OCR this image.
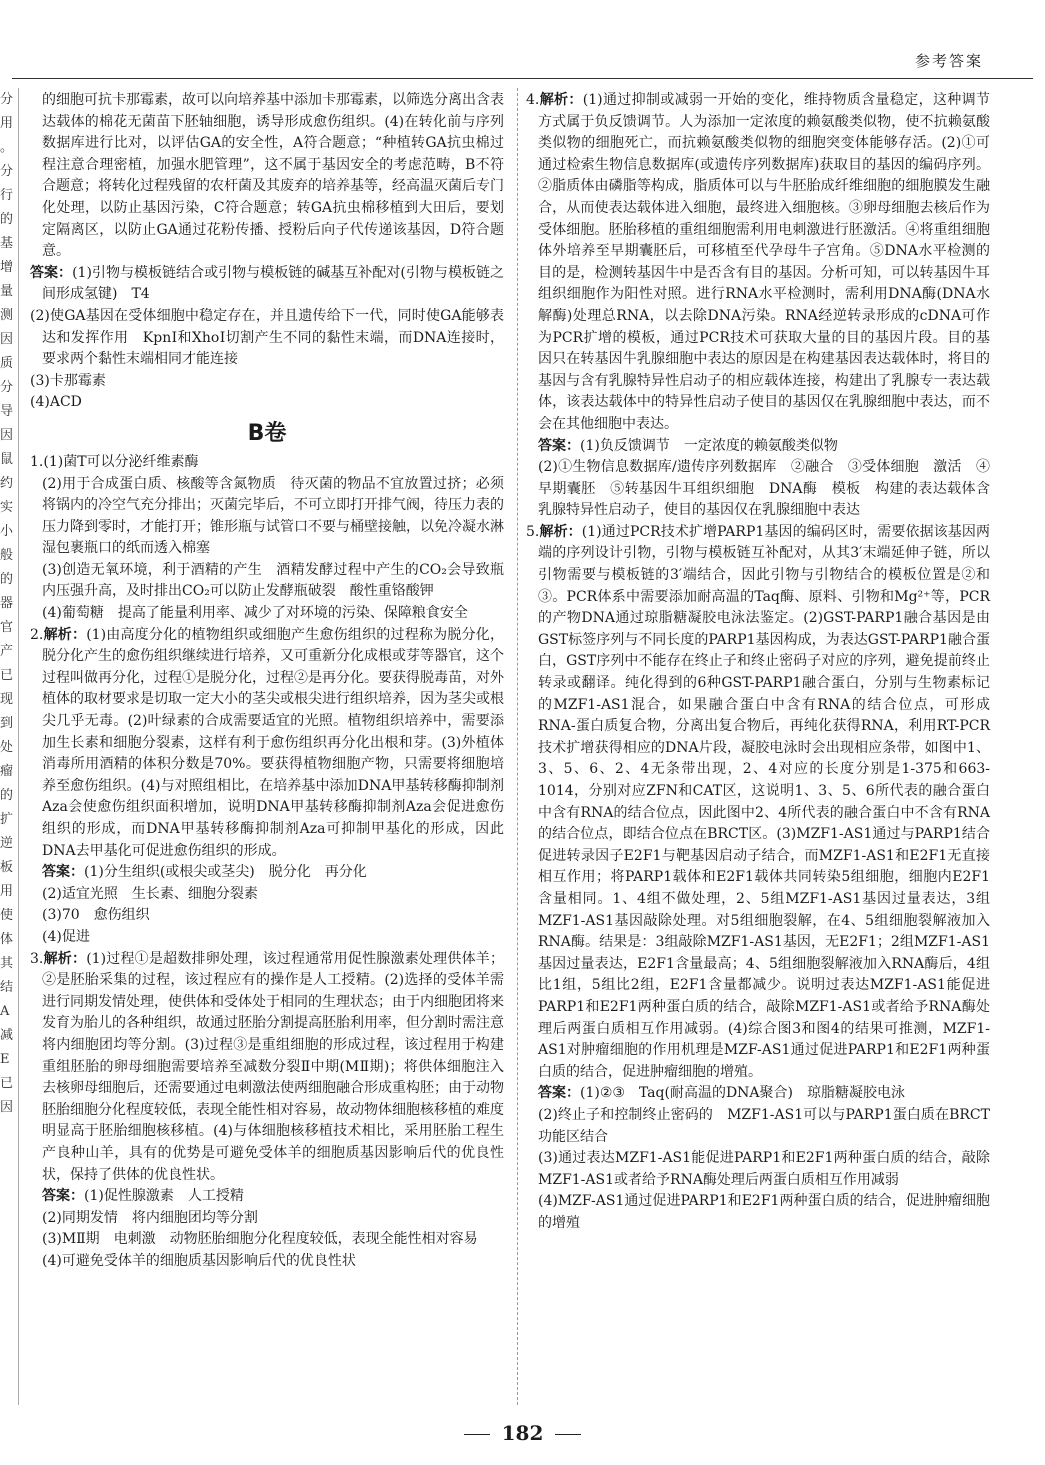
参考答案
分
用
。
分
行
的
基
增
量
测
因
质
分
导
因
鼠
约
实
小
般
的
器
官
产
已
现
到
处
瘤
的
扩
逆
板
用
使
体
其
结
A
减
E
已
因

的细胞可抗卡那霉素，故可以向培养基中添加卡那霉素，以筛选分离出含表达载体的棉花无菌苗下胚轴细胞，诱导形成愈伤组织。(4)在转化前与序列数据库进行比对，以评估GA的安全性，A符合题意；“种植转GA抗虫棉过程注意合理密植，加强水肥管理”，这不属于基因安全的考虑范畴，B不符合题意；将转化过程残留的农杆菌及其废弃的培养基等，经高温灭菌后专门化处理，以防止基因污染，C符合题意；转GA抗虫棉移植到大田后，要划定隔离区，以防止GA通过花粉传播、授粉后向子代传递该基因，D符合题意。

答案：(1)引物与模板链结合或引物与模板链的碱基互补配对(引物与模板链之间形成氢键)　T4

(2)使GA基因在受体细胞中稳定存在，并且遗传给下一代，同时使GA能够表达和发挥作用　KpnⅠ和XhoⅠ切割产生不同的黏性末端，而DNA连接时，要求两个黏性末端相同才能连接

(3)卡那霉素

(4)ACD

B卷

1.(1)菌T可以分泌纤维素酶

(2)用于合成蛋白质、核酸等含氮物质　待灭菌的物品不宜放置过挤；必须将锅内的冷空气充分排出；灭菌完毕后，不可立即打开排气阀，待压力表的压力降到零时，才能打开；锥形瓶与试管口不要与桶壁接触，以免冷凝水淋湿包裹瓶口的纸而透入棉塞

(3)创造无氧环境，利于酒精的产生　酒精发酵过程中产生的CO₂会导致瓶内压强升高，及时排出CO₂可以防止发酵瓶破裂　酸性重铬酸钾

(4)葡萄糖　提高了能量利用率、减少了对环境的污染、保障粮食安全

2.解析：(1)由高度分化的植物组织或细胞产生愈伤组织的过程称为脱分化，脱分化产生的愈伤组织继续进行培养，又可重新分化成根或芽等器官，这个过程叫做再分化，过程①是脱分化，过程②是再分化。要获得脱毒苗，对外植体的取材要求是切取一定大小的茎尖或根尖进行组织培养，因为茎尖或根尖几乎无毒。(2)叶绿素的合成需要适宜的光照。植物组织培养中，需要添加生长素和细胞分裂素，这样有利于愈伤组织再分化出根和芽。(3)外植体消毒所用酒精的体积分数是70%。要获得植物细胞产物，只需要将细胞培养至愈伤组织。(4)与对照组相比，在培养基中添加DNA甲基转移酶抑制剂Aza会使愈伤组织面积增加，说明DNA甲基转移酶抑制剂Aza会促进愈伤组织的形成，而DNA甲基转移酶抑制剂Aza可抑制甲基化的形成，因此DNA去甲基化可促进愈伤组织的形成。

答案：(1)分生组织(或根尖或茎尖)　脱分化　再分化

(2)适宜光照　生长素、细胞分裂素

(3)70　愈伤组织

(4)促进

3.解析：(1)过程①是超数排卵处理，该过程通常用促性腺激素处理供体羊；②是胚胎采集的过程，该过程应有的操作是人工授精。(2)选择的受体羊需进行同期发情处理，使供体和受体处于相同的生理状态；由于内细胞团将来发育为胎儿的各种组织，故通过胚胎分割提高胚胎利用率，但分割时需注意将内细胞团均等分割。(3)过程③是重组细胞的形成过程，该过程用于构建重组胚胎的卵母细胞需要培养至减数分裂Ⅱ中期(MⅡ期)；将供体细胞注入去核卵母细胞后，还需要通过电刺激法使两细胞融合形成重构胚；由于动物胚胎细胞分化程度较低，表现全能性相对容易，故动物体细胞核移植的难度明显高于胚胎细胞核移植。(4)与体细胞核移植技术相比，采用胚胎工程生产良种山羊，具有的优势是可避免受体羊的细胞质基因影响后代的优良性状，保持了供体的优良性状。

答案：(1)促性腺激素　人工授精

(2)同期发情　将内细胞团均等分割

(3)MⅡ期　电刺激　动物胚胎细胞分化程度较低，表现全能性相对容易

(4)可避免受体羊的细胞质基因影响后代的优良性状

4.解析：(1)通过抑制或减弱一开始的变化，维持物质含量稳定，这种调节方式属于负反馈调节。人为添加一定浓度的赖氨酸类似物，使不抗赖氨酸类似物的细胞死亡，而抗赖氨酸类似物的细胞突变体能够存活。(2)①可通过检索生物信息数据库(或遗传序列数据库)获取目的基因的编码序列。②脂质体由磷脂等构成，脂质体可以与牛胚胎成纤维细胞的细胞膜发生融合，从而使表达载体进入细胞，最终进入细胞核。③卵母细胞去核后作为受体细胞。胚胎移植的重组细胞需利用电刺激进行胚激活。④将重组细胞体外培养至早期囊胚后，可移植至代孕母牛子宫角。⑤DNA水平检测的目的是，检测转基因牛中是否含有目的基因。分析可知，可以转基因牛耳组织细胞作为阳性对照。进行RNA水平检测时，需利用DNA酶(DNA水解酶)处理总RNA，以去除DNA污染。RNA经逆转录形成的cDNA可作为PCR扩增的模板，通过PCR技术可获取大量的目的基因片段。目的基因只在转基因牛乳腺细胞中表达的原因是在构建基因表达载体时，将目的基因与含有乳腺特异性启动子的相应载体连接，构建出了乳腺专一表达载体，该表达载体中的特异性启动子使目的基因仅在乳腺细胞中表达，而不会在其他细胞中表达。

答案：(1)负反馈调节　一定浓度的赖氨酸类似物

(2)①生物信息数据库/遗传序列数据库　②融合　③受体细胞　激活　④早期囊胚　⑤转基因牛耳组织细胞　DNA酶　模板　构建的表达载体含乳腺特异性启动子，使目的基因仅在乳腺细胞中表达

5.解析：(1)通过PCR技术扩增PARP1基因的编码区时，需要依据该基因两端的序列设计引物，引物与模板链互补配对，从其3′末端延伸子链，所以引物需要与模板链的3′端结合，因此引物与引物结合的模板位置是②和③。PCR体系中需要添加耐高温的Taq酶、原料、引物和Mg²⁺等，PCR的产物DNA通过琼脂糖凝胶电泳法鉴定。(2)GST-PARP1融合基因是由GST标签序列与不同长度的PARP1基因构成，为表达GST-PARP1融合蛋白，GST序列中不能存在终止子和终止密码子对应的序列，避免提前终止转录或翻译。纯化得到的6种GST-PARP1融合蛋白，分别与生物素标记的MZF1-AS1混合，如果融合蛋白中含有RNA的结合位点，可形成RNA-蛋白质复合物，分离出复合物后，再纯化获得RNA，利用RT-PCR技术扩增获得相应的DNA片段，凝胶电泳时会出现相应条带，如图中1、3、5、6、2、4无条带出现，2、4对应的长度分别是1-375和663-1014，分别对应ZFN和CAT区，这说明1、3、5、6所代表的融合蛋白中含有RNA的结合位点，因此图中2、4所代表的融合蛋白中不含有RNA的结合位点，即结合位点在BRCT区。(3)MZF1-AS1通过与PARP1结合促进转录因子E2F1与靶基因启动子结合，而MZF1-AS1和E2F1无直接相互作用；将PARP1载体和E2F1载体共同转染5组细胞，细胞内E2F1含量相同。1、4组不做处理，2、5组MZF1-AS1基因过量表达，3组MZF1-AS1基因敲除处理。对5组细胞裂解，在4、5组细胞裂解液加入RNA酶。结果是：3组敲除MZF1-AS1基因，无E2F1；2组MZF1-AS1基因过量表达，E2F1含量最高；4、5组细胞裂解液加入RNA酶后，4组比1组，5组比2组，E2F1含量都减少。说明过表达MZF1-AS1能促进PARP1和E2F1两种蛋白质的结合，敲除MZF1-AS1或者给予RNA酶处理后两蛋白质相互作用减弱。(4)综合图3和图4的结果可推测，MZF1-AS1对肿瘤细胞的作用机理是MZF-AS1通过促进PARP1和E2F1两种蛋白质的结合，促进肿瘤细胞的增殖。

答案：(1)②③　Taq(耐高温的DNA聚合)　琼脂糖凝胶电泳

(2)终止子和控制终止密码的　MZF1-AS1可以与PARP1蛋白质在BRCT功能区结合

(3)通过表达MZF1-AS1能促进PARP1和E2F1两种蛋白质的结合，敲除MZF1-AS1或者给予RNA酶处理后两蛋白质相互作用减弱

(4)MZF-AS1通过促进PARP1和E2F1两种蛋白质的结合，促进肿瘤细胞的增殖

182
